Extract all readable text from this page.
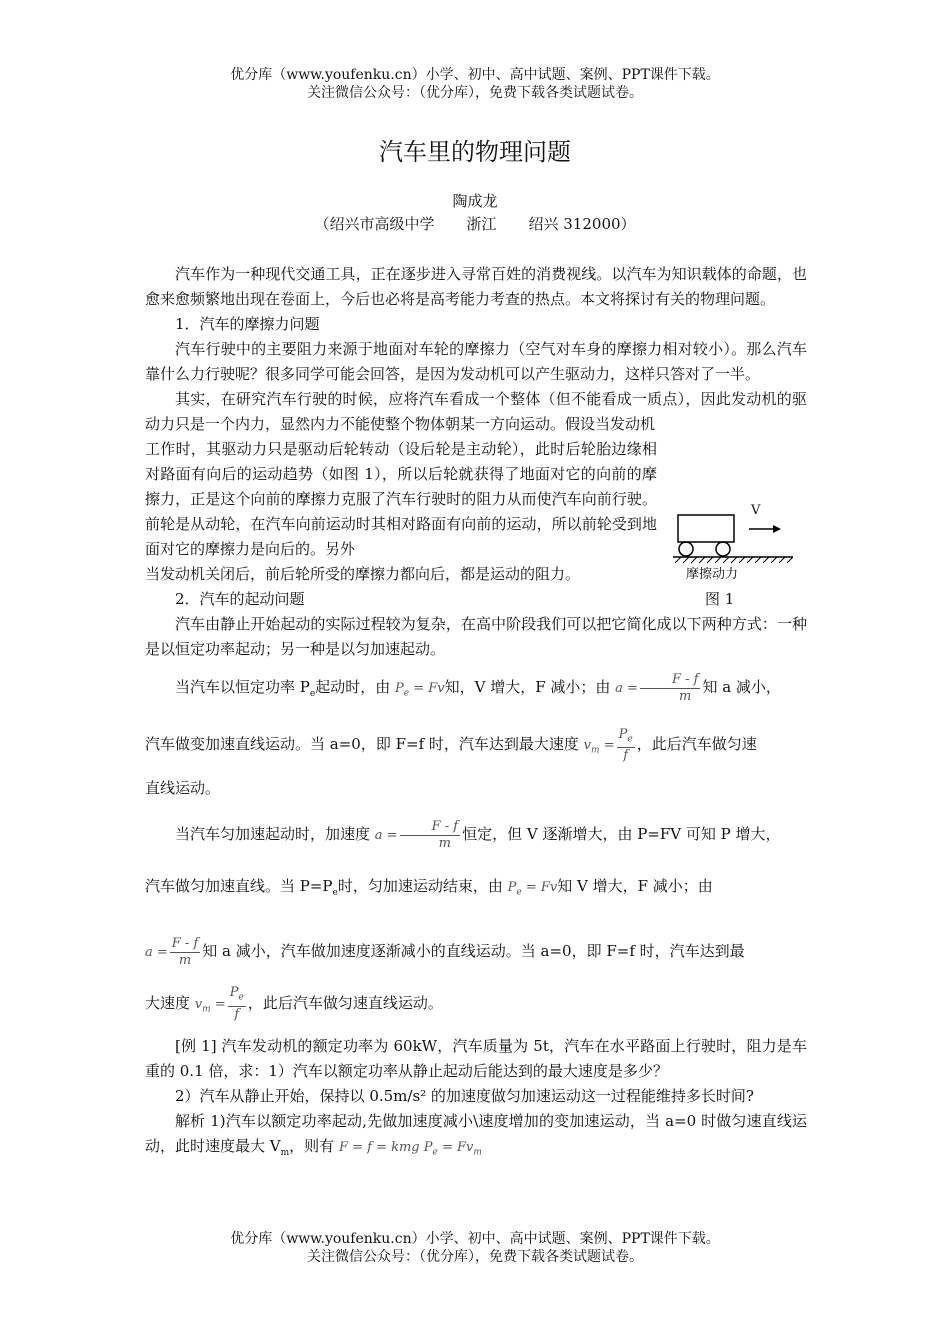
优分库（www.youfenku.cn）小学、初中、高中试题、案例、PPT课件下载。
关注微信公众号：（优分库），免费下载各类试题试卷。
汽车里的物理问题
陶成龙
（绍兴市高级中学 浙江 绍兴 312000）

汽车作为一种现代交通工具，正在逐步进入寻常百姓的消费视线。以汽车为知识载体的命题，也愈来愈频繁地出现在卷面上，今后也必将是高考能力考查的热点。本文将探讨有关的物理问题。

1．汽车的摩擦力问题

汽车行驶中的主要阻力来源于地面对车轮的摩擦力（空气对车身的摩擦力相对较小）。那么汽车靠什么力行驶呢？很多同学可能会回答，是因为发动机可以产生驱动力，这样只答对了一半。

其实，在研究汽车行驶的时候，应将汽车看成一个整体（但不能看成一质点），因此发动机的驱动力只是一个内力，显然内力不能使整个物体朝某一方向运动。假设当发动机

工作时，其驱动力只是驱动后轮转动（设后轮是主动轮），此时后轮胎边缘相对路面有向后的运动趋势（如图 1），所以后轮就获得了地面对它的向前的摩擦力，正是这个向前的摩擦力克服了汽车行驶时的阻力从而使汽车向前行驶。前轮是从动轮，在汽车向前运动时其相对路面有向前的运动，所以前轮受到地面对它的摩擦力是向后的。另外

当发动机关闭后，前后轮所受的摩擦力都向后，都是运动的阻力。

2．汽车的起动问题

汽车由静止开始起动的实际过程较为复杂，在高中阶段我们可以把它简化成以下两种方式：一种是以恒定功率起动；另一种是以匀加速起动。

当汽车以恒定功率 $P_e$起动时，由 $P_e = Fv$知，V 增大，F 减小；由 $a = \frac{F - f}{m}$ 知 a 减小，

汽车做变加速直线运动。当 a=0，即 F=f 时，汽车达到最大速度 $v_m = \frac{P_e}{f}$ ，此后汽车做匀速

直线运动。

当汽车匀加速起动时，加速度 $a = \frac{F - f}{m}$ 恒定，但 V 逐渐增大，由 P=FV 可知 P 增大，

汽车做匀加速直线。当 $P=P_e$时，匀加速运动结束，由 $P_e = Fv$知 V 增大，F 减小；由

$a = \frac{F - f}{m}$ 知 a 减小，汽车做加速度逐渐减小的直线运动。当 a=0，即 F=f 时，汽车达到最

大速度 $v_m = \frac{P_e}{f}$ ，此后汽车做匀速直线运动。

[例 1] 汽车发动机的额定功率为 60kW，汽车质量为 5t，汽车在水平路面上行驶时，阻力是车重的 0.1 倍，求：1）汽车以额定功率从静止起动后能达到的最大速度是多少？

2）汽车从静止开始，保持以 0.5m/s² 的加速度做匀加速运动这一过程能维持多长时间?

解析 1)汽车以额定功率起动,先做加速度减小\速度增加的变加速运动，当 a=0 时做匀速直线运动，此时速度最大 $V_m$，则有 F = f = kmg $P_e = Fv_m$

V
摩擦动力
图 1
优分库（www.youfenku.cn）小学、初中、高中试题、案例、PPT课件下载。
关注微信公众号：（优分库），免费下载各类试题试卷。
